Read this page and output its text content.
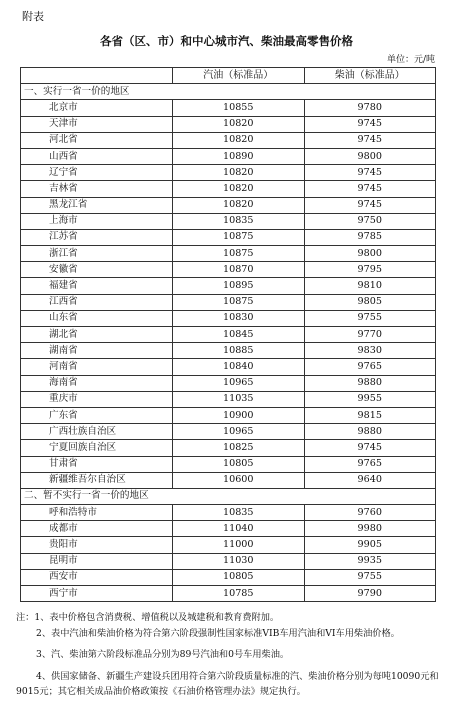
附表
各省（区、市）和中心城市汽、柴油最高零售价格
单位：元/吨
	汽油（标准品）	柴油（标准品）
一、实行一省一价的地区		
北京市	10855	9780
天津市	10820	9745
河北省	10820	9745
山西省	10890	9800
辽宁省	10820	9745
吉林省	10820	9745
黑龙江省	10820	9745
上海市	10835	9750
江苏省	10875	9785
浙江省	10875	9800
安徽省	10870	9795
福建省	10895	9810
江西省	10875	9805
山东省	10830	9755
湖北省	10845	9770
湖南省	10885	9830
河南省	10840	9765
海南省	10965	9880
重庆市	11035	9955
广东省	10900	9815
广西壮族自治区	10965	9880
宁夏回族自治区	10825	9745
甘肃省	10805	9765
新疆维吾尔自治区	10600	9640
二、暂不实行一省一价的地区		
呼和浩特市	10835	9760
成都市	11040	9980
贵阳市	11000	9905
昆明市	11030	9935
西安市	10805	9755
西宁市	10785	9790

注：1、表中价格包含消费税、增值税以及城建税和教育费附加。

2、表中汽油和柴油价格为符合第六阶段强制性国家标准VIB车用汽油和VI车用柴油价格。

3、汽、柴油第六阶段标准品分别为89号汽油和0号车用柴油。

4、供国家储备、新疆生产建设兵团用符合第六阶段质量标准的汽、柴油价格分别为每吨10090元和9015元；其它相关成品油价格政策按《石油价格管理办法》规定执行。
